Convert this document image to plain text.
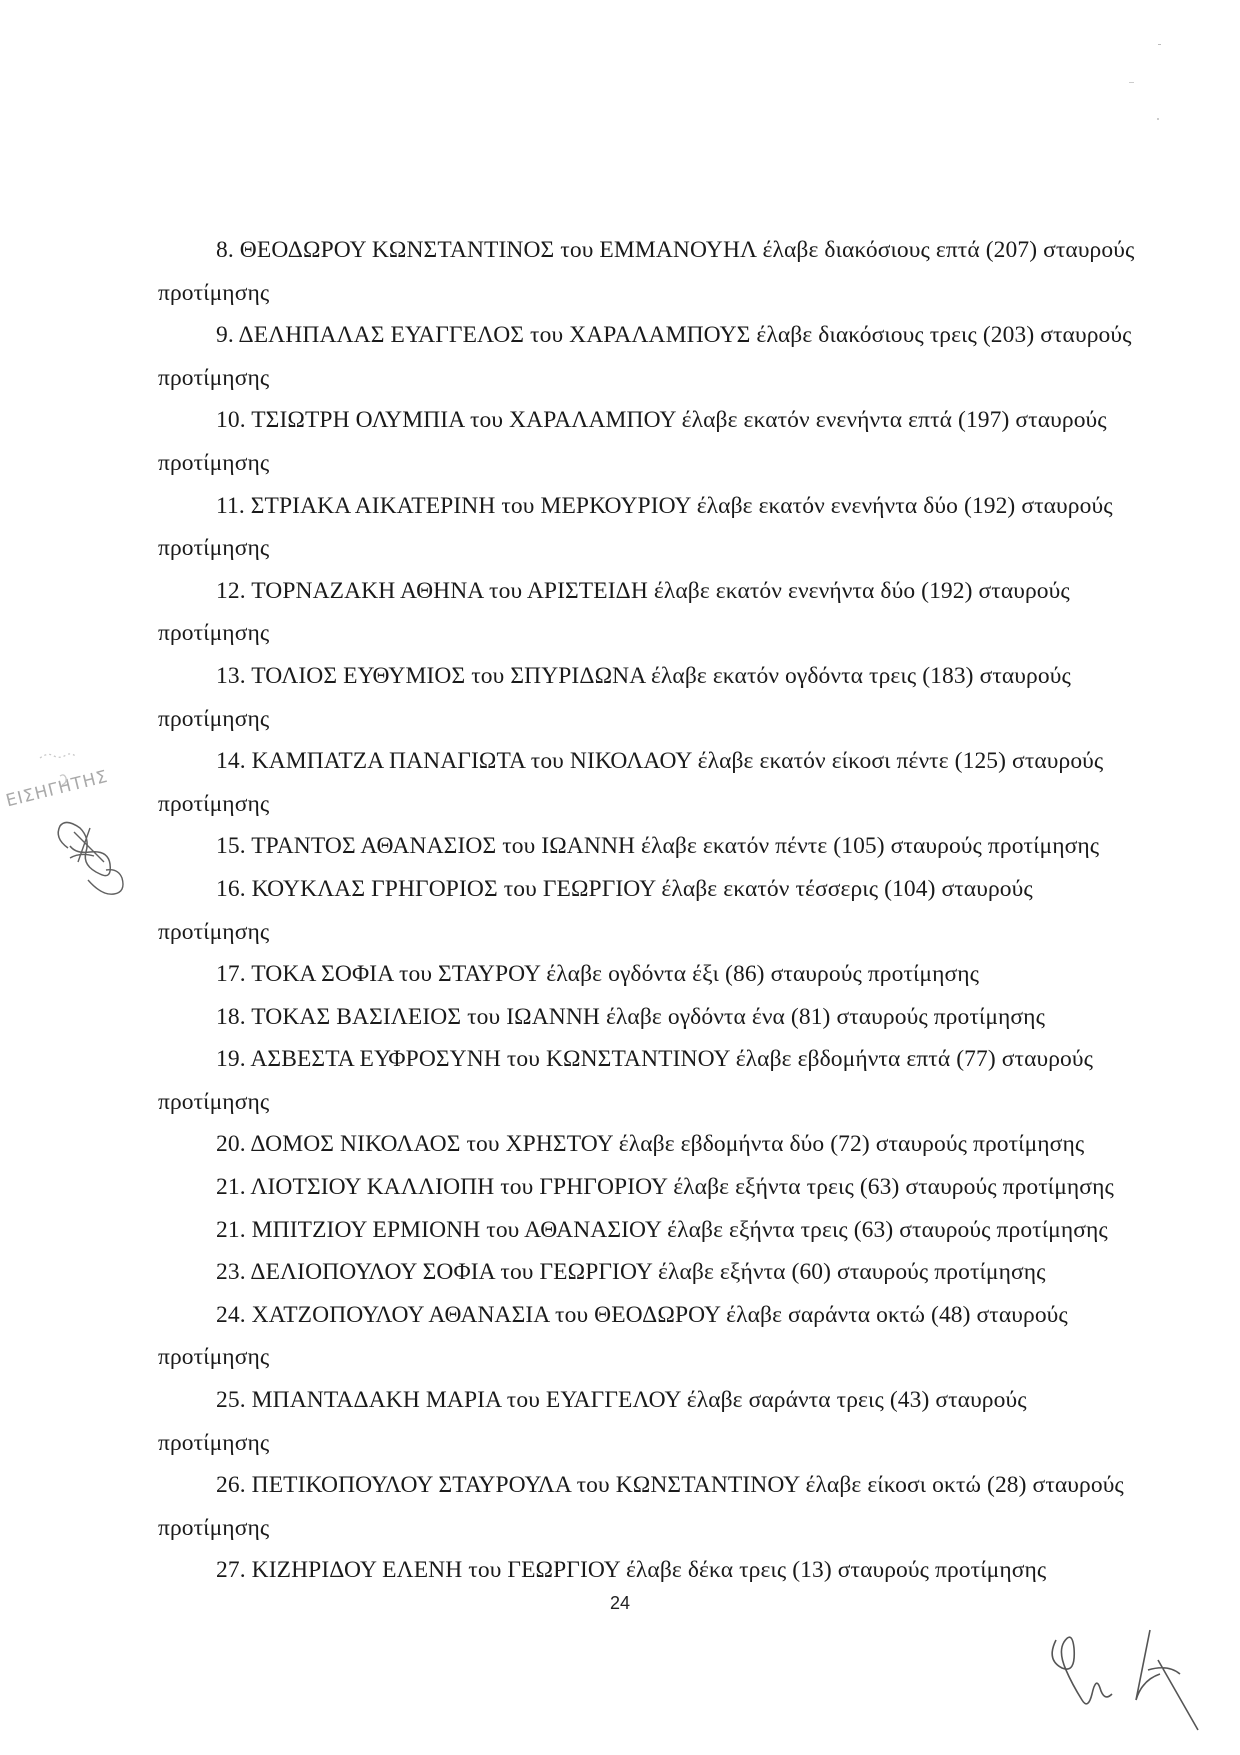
8. ΘΕΟΔΩΡΟΥ ΚΩΝΣΤΑΝΤΙΝΟΣ του ΕΜΜΑΝΟΥΗΛ έλαβε διακόσιους επτά (207) σταυρούς προτίμησης

9. ΔΕΛΗΠΑΛΑΣ ΕΥΑΓΓΕΛΟΣ του ΧΑΡΑΛΑΜΠΟΥΣ έλαβε διακόσιους τρεις (203) σταυρούς προτίμησης

10. ΤΣΙΩΤΡΗ ΟΛΥΜΠΙΑ του ΧΑΡΑΛΑΜΠΟΥ έλαβε εκατόν ενενήντα επτά (197) σταυρούς προτίμησης

11. ΣΤΡΙΑΚΑ ΑΙΚΑΤΕΡΙΝΗ του ΜΕΡΚΟΥΡΙΟΥ έλαβε εκατόν ενενήντα δύο (192) σταυρούς προτίμησης

12. ΤΟΡΝΑΖΑΚΗ ΑΘΗΝΑ του ΑΡΙΣΤΕΙΔΗ έλαβε εκατόν ενενήντα δύο (192) σταυρούς προτίμησης

13. ΤΟΛΙΟΣ ΕΥΘΥΜΙΟΣ του ΣΠΥΡΙΔΩΝΑ έλαβε εκατόν ογδόντα τρεις (183) σταυρούς προτίμησης

14. ΚΑΜΠΑΤΖΑ ΠΑΝΑΓΙΩΤΑ του ΝΙΚΟΛΑΟΥ έλαβε εκατόν είκοσι πέντε (125) σταυρούς προτίμησης

15. ΤΡΑΝΤΟΣ ΑΘΑΝΑΣΙΟΣ του ΙΩΑΝΝΗ έλαβε εκατόν πέντε (105) σταυρούς προτίμησης

16. ΚΟΥΚΛΑΣ ΓΡΗΓΟΡΙΟΣ του ΓΕΩΡΓΙΟΥ έλαβε εκατόν τέσσερις (104) σταυρούς προτίμησης

17. ΤΟΚΑ ΣΟΦΙΑ του ΣΤΑΥΡΟΥ έλαβε ογδόντα έξι (86) σταυρούς προτίμησης

18. ΤΟΚΑΣ ΒΑΣΙΛΕΙΟΣ του ΙΩΑΝΝΗ έλαβε ογδόντα ένα (81) σταυρούς προτίμησης

19. ΑΣΒΕΣΤΑ ΕΥΦΡΟΣΥΝΗ του ΚΩΝΣΤΑΝΤΙΝΟΥ έλαβε εβδομήντα επτά (77) σταυρούς προτίμησης

20. ΔΟΜΟΣ ΝΙΚΟΛΑΟΣ του ΧΡΗΣΤΟΥ έλαβε εβδομήντα δύο (72) σταυρούς προτίμησης

21. ΛΙΟΤΣΙΟΥ ΚΑΛΛΙΟΠΗ του ΓΡΗΓΟΡΙΟΥ έλαβε εξήντα τρεις (63) σταυρούς προτίμησης

21. ΜΠΙΤΖΙΟΥ ΕΡΜΙΟΝΗ του ΑΘΑΝΑΣΙΟΥ έλαβε εξήντα τρεις (63) σταυρούς προτίμησης

23. ΔΕΛΙΟΠΟΥΛΟΥ ΣΟΦΙΑ του ΓΕΩΡΓΙΟΥ έλαβε εξήντα (60) σταυρούς προτίμησης

24. ΧΑΤΖΟΠΟΥΛΟΥ ΑΘΑΝΑΣΙΑ του ΘΕΟΔΩΡΟΥ έλαβε σαράντα οκτώ (48) σταυρούς προτίμησης

25. ΜΠΑΝΤΑΔΑΚΗ ΜΑΡΙΑ του ΕΥΑΓΓΕΛΟΥ έλαβε σαράντα τρεις (43) σταυρούς προτίμησης

26. ΠΕΤΙΚΟΠΟΥΛΟΥ ΣΤΑΥΡΟΥΛΑ του ΚΩΝΣΤΑΝΤΙΝΟΥ έλαβε είκοσι οκτώ (28) σταυρούς προτίμησης

27. ΚΙΖΗΡΙΔΟΥ ΕΛΕΝΗ του ΓΕΩΡΓΙΟΥ έλαβε δέκα τρεις (13) σταυρούς προτίμησης

ΕΙΣΗΓΗΤΗΣ
24
